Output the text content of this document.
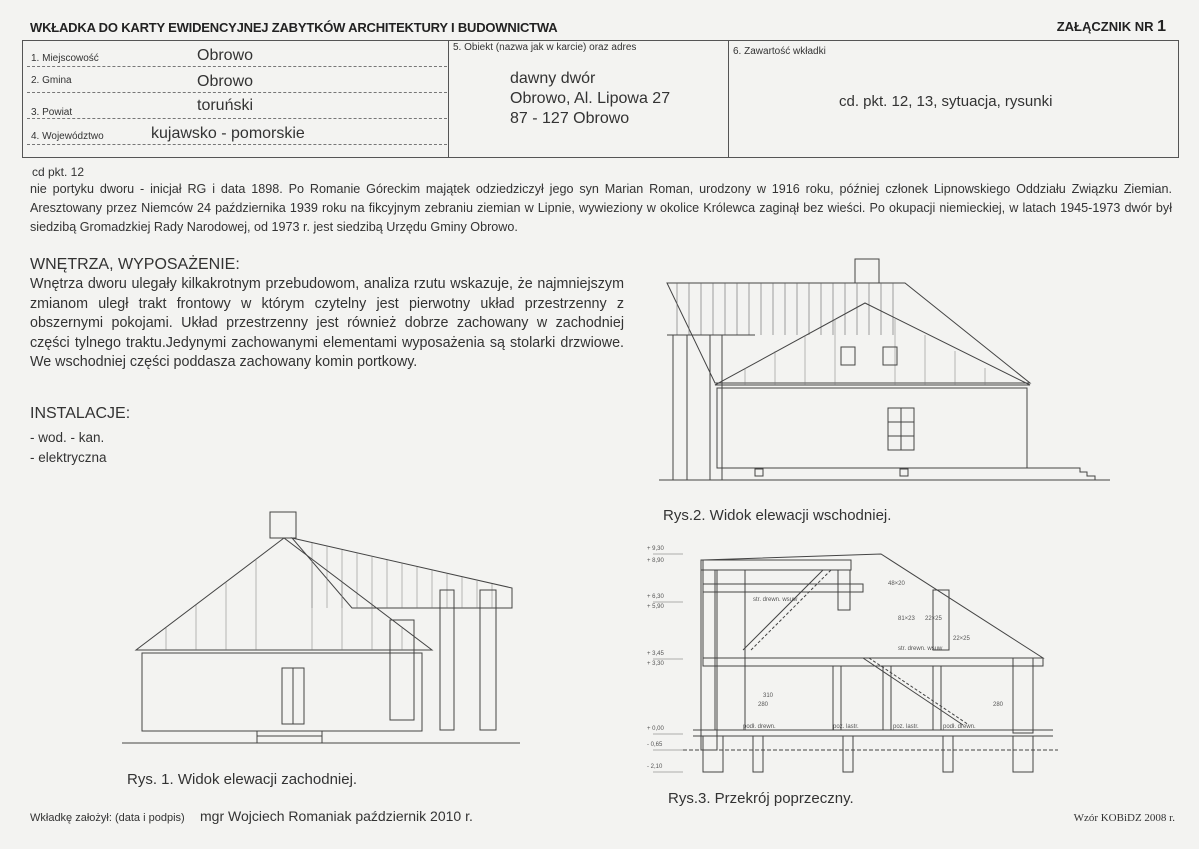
WKŁADKA DO KARTY EWIDENCYJNEJ ZABYTKÓW ARCHITEKTURY I BUDOWNICTWA	ZAŁĄCZNIK NR 1
1. Miejscowość	Obrowo
2. Gmina	Obrowo
3. Powiat	toruński
4. Województwo	kujawsko - pomorskie
5. Obiekt (nazwa jak w karcie) oraz adres
dawny dwór
Obrowo, Al. Lipowa 27
87 - 127 Obrowo
6. Zawartość wkładki
cd. pkt. 12, 13, sytuacja, rysunki
cd pkt. 12
nie portyku dworu - inicjał RG i data 1898. Po Romanie Góreckim majątek odziedziczył jego syn Marian Roman, urodzony w 1916 roku, później członek Lipnowskiego Oddziału Związku Ziemian. Aresztowany przez Niemców 24 października 1939 roku na fikcyjnym zebraniu ziemian w Lipnie, wywieziony w okolice Królewca zaginął bez wieści. Po okupacji niemieckiej, w latach 1945-1973 dwór był siedzibą Gromadzkiej Rady Narodowej, od 1973 r. jest siedzibą Urzędu Gminy Obrowo.
WNĘTRZA, WYPOSAŻENIE:
Wnętrza dworu ulegały kilkakrotnym przebudowom, analiza rzutu wskazuje, że najmniejszym zmianom uległ trakt frontowy w którym czytelny jest pierwotny układ przestrzenny z obszernymi pokojami. Układ przestrzenny jest również dobrze zachowany w zachodniej części tylnego traktu.Jedynymi zachowanymi elementami wyposażenia są stolarki drzwiowe. We wschodniej części poddasza zachowany komin portkowy.
INSTALACJE:
- wod. - kan.
- elektryczna
Rys.2. Widok elewacji wschodniej.
Rys. 1. Widok elewacji zachodniej.
+ 9,30
+ 8,90
+ 6,30
+ 5,90
+ 3,45
+ 3,30
+ 0,00
- 0,65
- 2,10
str. drewn. wsuw
str. drewn. wsuw
podł. drewn.	poz. lastr.	poz. lastr.	podł. drewn.
48×20
81×23 22×25
22×25
310
280	280
Rys.3. Przekrój poprzeczny.
Wkładkę założył: (data i podpis) mgr Wojciech Romaniak październik 2010 r.	Wzór KOBiDZ 2008 r.
